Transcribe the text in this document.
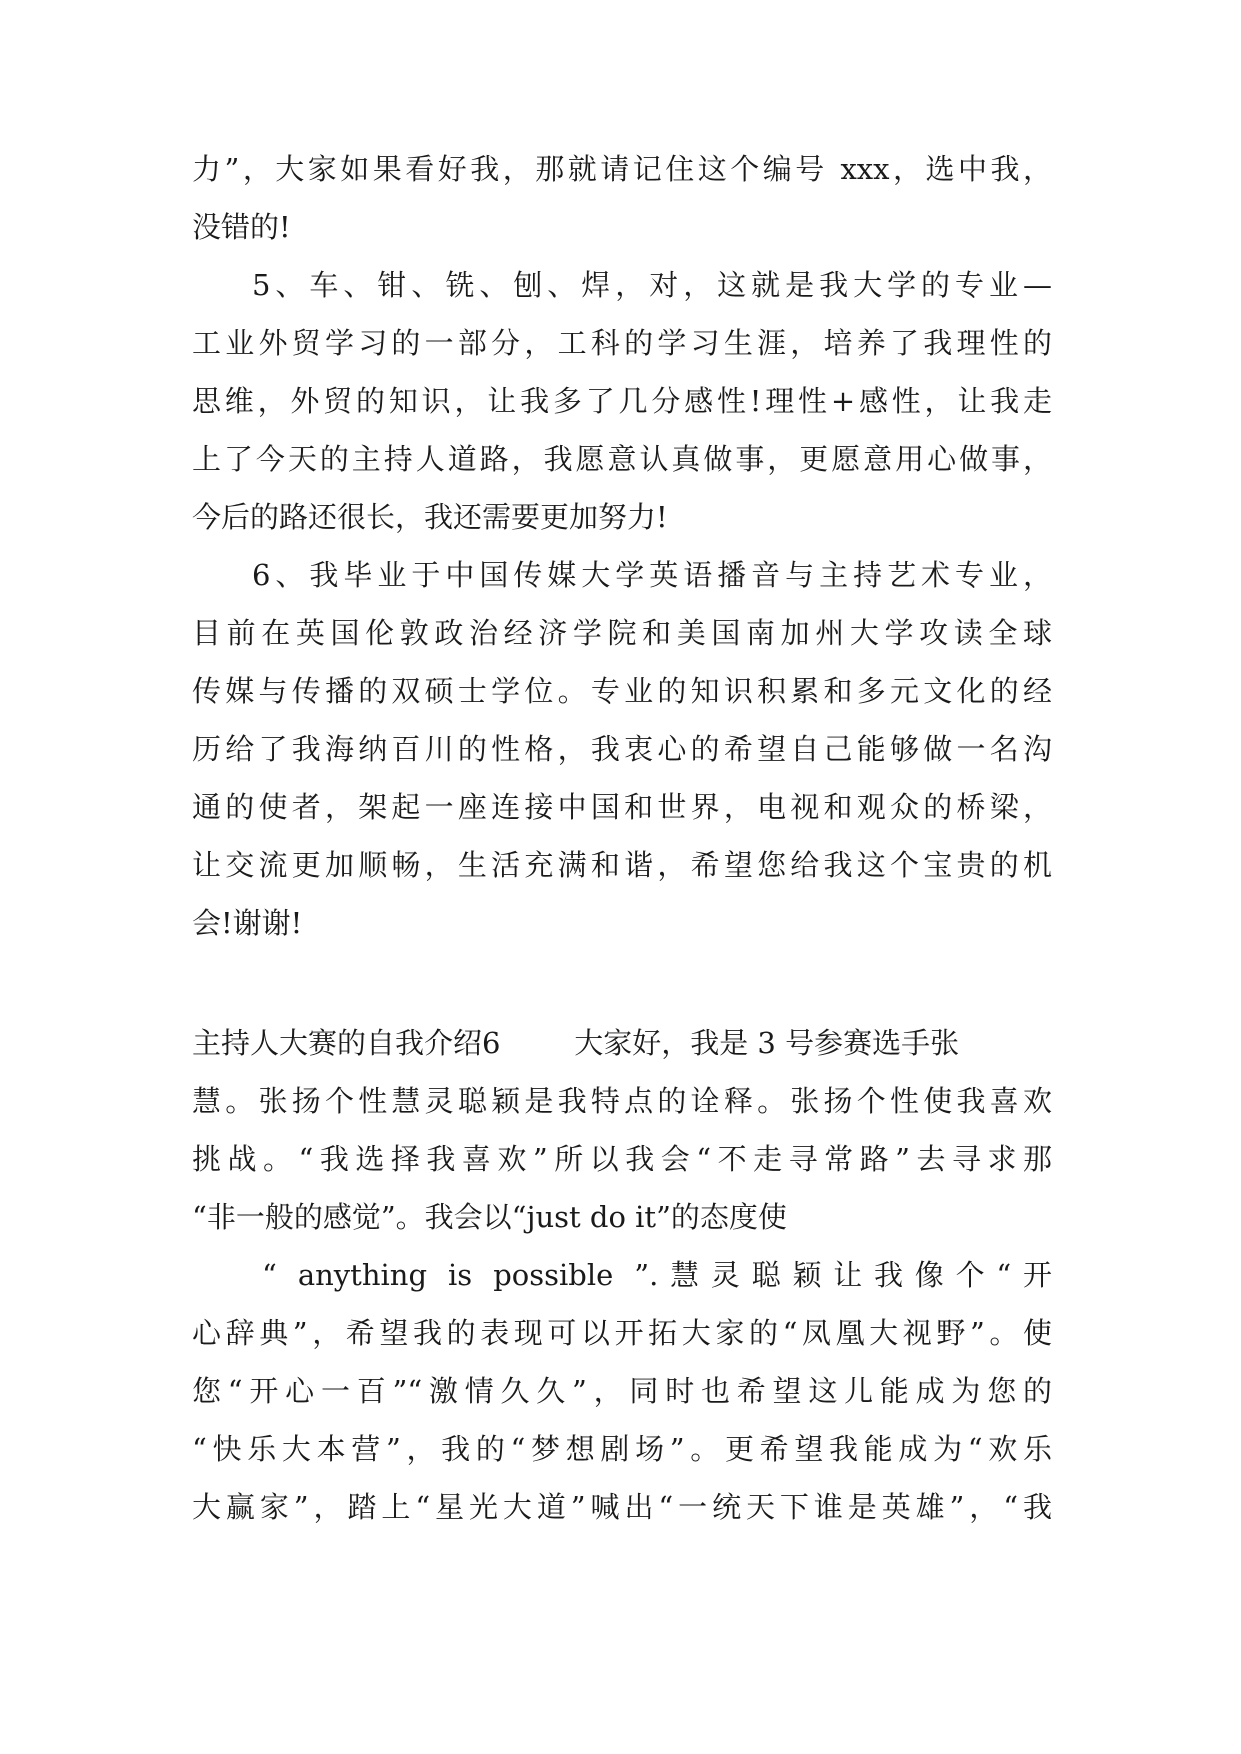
力”，大家如果看好我，那就请记住这个编号 xxx，选中我，
没错的!
5、车、钳、铣、刨、焊，对，这就是我大学的专业—
工业外贸学习的一部分，工科的学习生涯，培养了我理性的
思维，外贸的知识，让我多了几分感性!理性+感性，让我走
上了今天的主持人道路，我愿意认真做事，更愿意用心做事，
今后的路还很长，我还需要更加努力!
6、我毕业于中国传媒大学英语播音与主持艺术专业，
目前在英国伦敦政治经济学院和美国南加州大学攻读全球
传媒与传播的双硕士学位。专业的知识积累和多元文化的经
历给了我海纳百川的性格，我衷心的希望自己能够做一名沟
通的使者，架起一座连接中国和世界，电视和观众的桥梁，
让交流更加顺畅，生活充满和谐，希望您给我这个宝贵的机
会!谢谢!
主持人大赛的自我介绍6        大家好，我是 3 号参赛选手张
慧。张扬个性慧灵聪颖是我特点的诠释。张扬个性使我喜欢
挑战。“我选择我喜欢”所以我会“不走寻常路”去寻求那
“非一般的感觉”。我会以“just do it”的态度使
“ anything is possible ”.慧灵聪颖让我像个“开
心辞典”，希望我的表现可以开拓大家的“凤凰大视野”。使
您“开心一百”“激情久久”，同时也希望这儿能成为您的
“快乐大本营”，我的“梦想剧场”。更希望我能成为“欢乐
大赢家”，踏上“星光大道”喊出“一统天下谁是英雄”，“我
